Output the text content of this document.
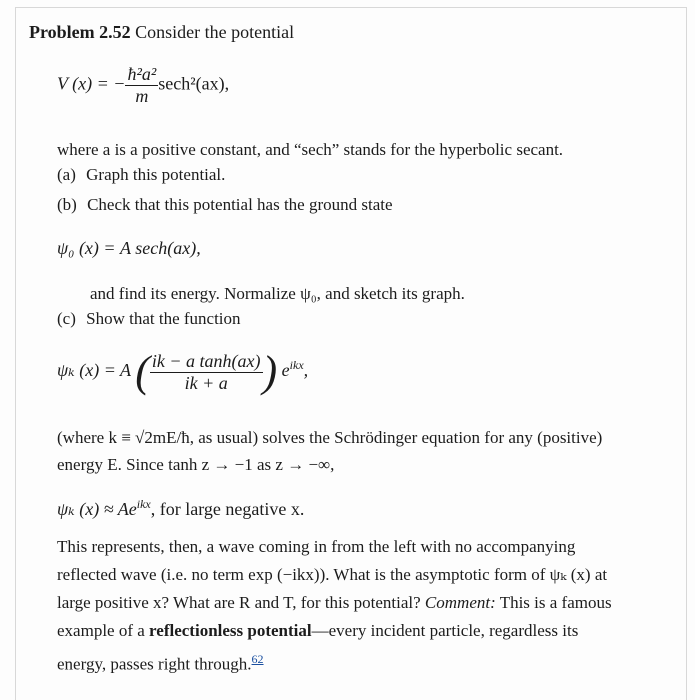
Problem 2.52 Consider the potential
V (x) = − $\frac{\text{ħ²a²}}{m} \sec h^2(ax)$,
where a is a positive constant, and “sech” stands for the hyperbolic secant.
(a) Graph this potential.
(b) Check that this potential has the ground state
ψ₀ (x) = A sech(ax),
and find its energy. Normalize ψ₀, and sketch its graph.
(c) Show that the function
ψₖ (x) = A ( $\frac{\text{ik − a tanh(ax)}}{ik + a}$ ) $e^{ikx}$,
(where k ≡ √2mE/ħ, as usual) solves the Schrödinger equation for any (positive) energy E. Since tanh z → −1 as z → −∞,
ψₖ $(x) \approx Ae^{ikx}$, for large negative x.
This represents, then, a wave coming in from the left with no accompanying reflected wave (i.e. no term exp (−ikx)). What is the asymptotic form of ψₖ (x) at large positive x? What are R and T, for this potential? Comment: This is a famous example of a reflectionless potential—every incident particle, regardless its energy, passes right through.$^{62}$
